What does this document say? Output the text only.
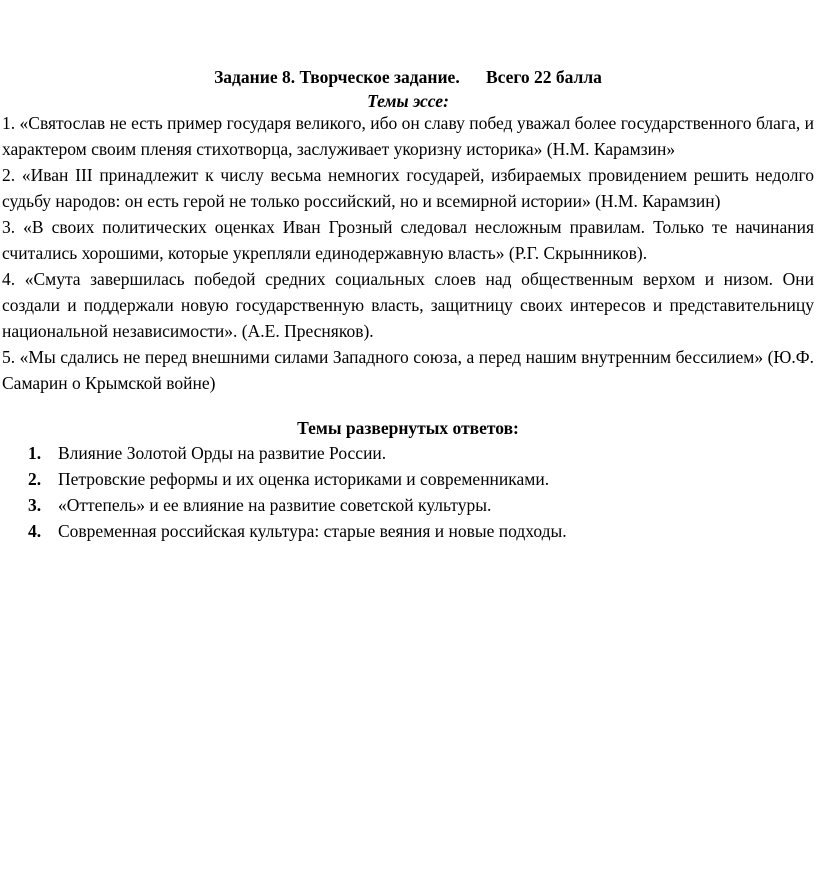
Задание 8. Творческое задание.      Всего 22 балла
Темы эссе:

1. «Святослав не есть пример государя великого, ибо он славу побед уважал более государственного блага, и характером своим пленяя стихотворца, заслуживает укоризну историка» (Н.М. Карамзин»

2. «Иван III принадлежит к числу весьма немногих государей, избираемых провидением решить недолго судьбу народов: он есть герой не только российский, но и всемирной истории» (Н.М. Карамзин)

3. «В своих политических оценках Иван Грозный следовал несложным правилам. Только те начинания считались хорошими, которые укрепляли единодержавную власть» (Р.Г. Скрынников).

4. «Смута завершилась победой средних социальных слоев над общественным верхом и низом. Они создали и поддержали новую государственную власть, защитницу своих интересов и представительницу национальной независимости». (А.Е. Пресняков).

5. «Мы сдались не перед внешними силами Западного союза, а перед нашим внутренним бессилием» (Ю.Ф. Самарин о Крымской войне)

Темы развернутых ответов:
1. Влияние Золотой Орды на развитие России.
2. Петровские реформы и их оценка историками и современниками.
3. «Оттепель» и ее влияние на развитие советской культуры.
4. Современная российская культура: старые веяния и новые подходы.
